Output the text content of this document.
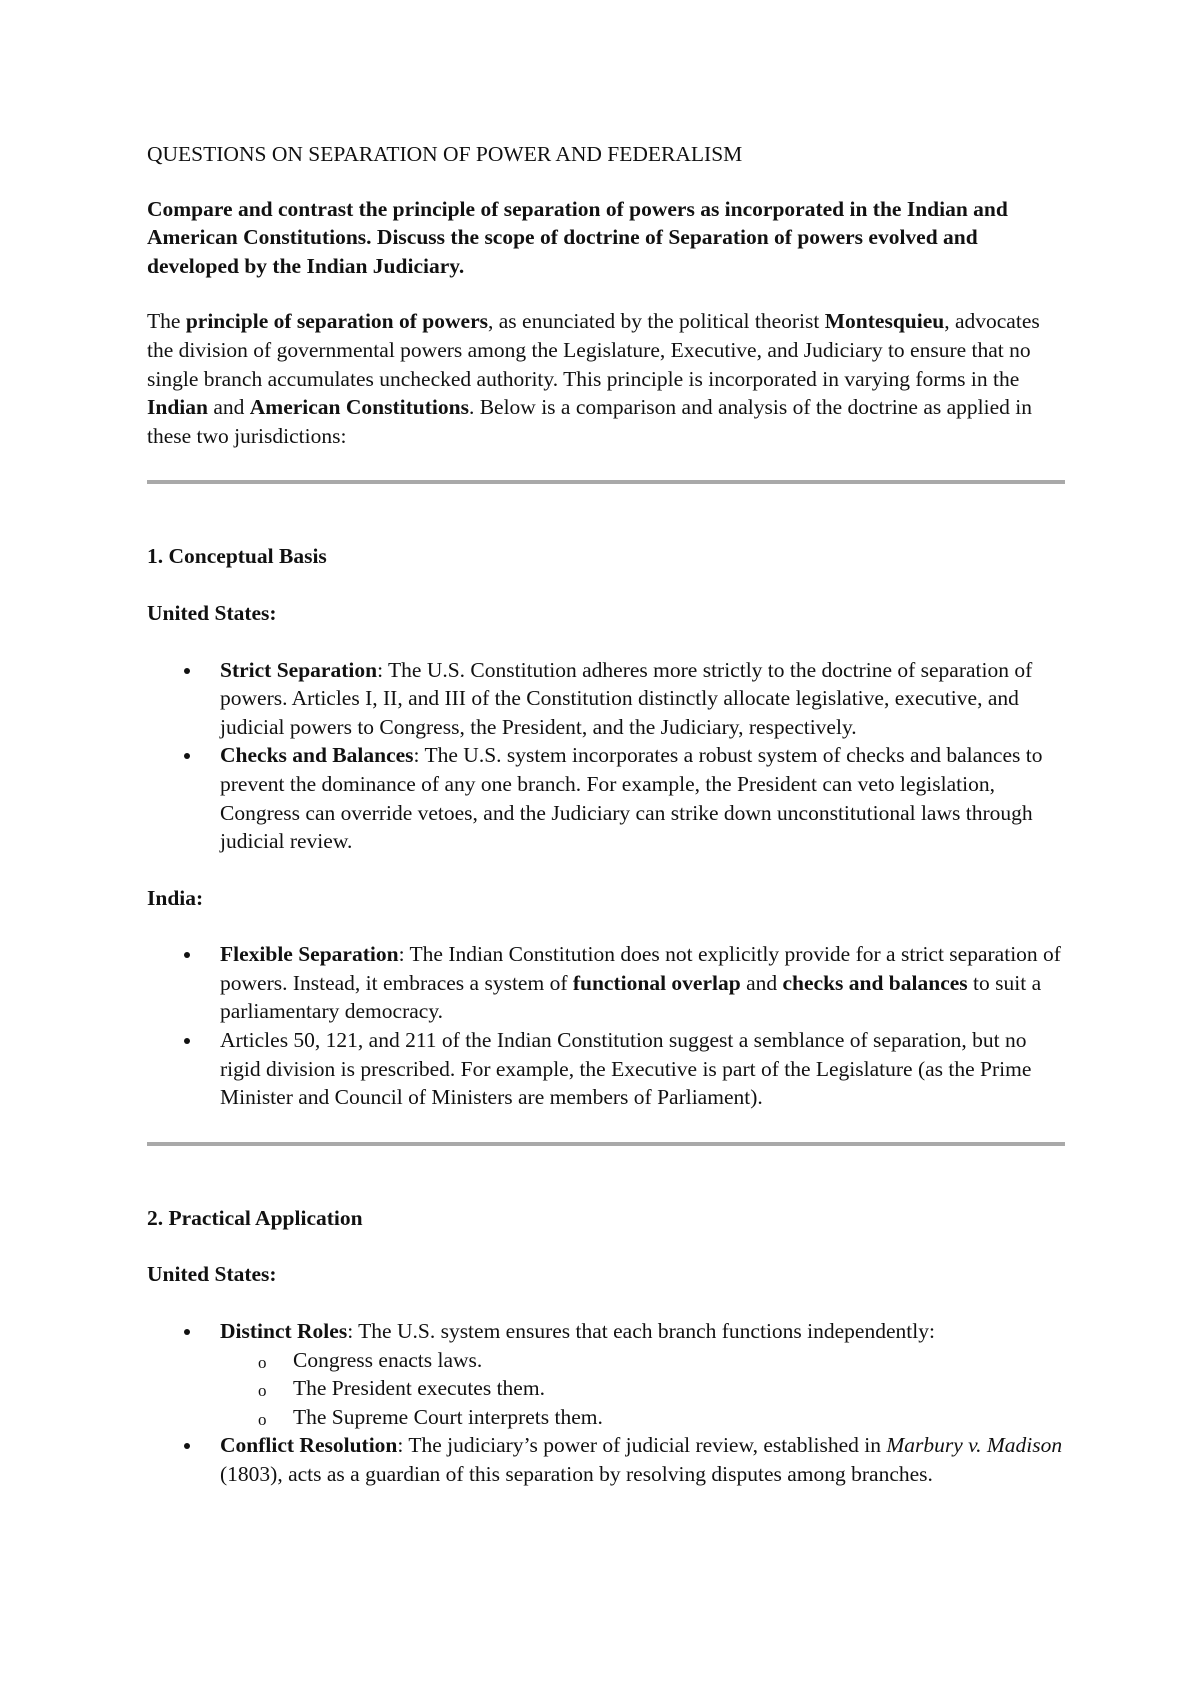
QUESTIONS ON SEPARATION OF POWER AND FEDERALISM

Compare and contrast the principle of separation of powers as incorporated in the Indian and American Constitutions. Discuss the scope of doctrine of Separation of powers evolved and developed by the Indian Judiciary.

The principle of separation of powers, as enunciated by the political theorist Montesquieu, advocates the division of governmental powers among the Legislature, Executive, and Judiciary to ensure that no single branch accumulates unchecked authority. This principle is incorporated in varying forms in the Indian and American Constitutions. Below is a comparison and analysis of the doctrine as applied in these two jurisdictions:

1. Conceptual Basis

United States:

Strict Separation: The U.S. Constitution adheres more strictly to the doctrine of separation of powers. Articles I, II, and III of the Constitution distinctly allocate legislative, executive, and judicial powers to Congress, the President, and the Judiciary, respectively.
Checks and Balances: The U.S. system incorporates a robust system of checks and balances to prevent the dominance of any one branch. For example, the President can veto legislation, Congress can override vetoes, and the Judiciary can strike down unconstitutional laws through judicial review.

India:

Flexible Separation: The Indian Constitution does not explicitly provide for a strict separation of powers. Instead, it embraces a system of functional overlap and checks and balances to suit a parliamentary democracy.
Articles 50, 121, and 211 of the Indian Constitution suggest a semblance of separation, but no rigid division is prescribed. For example, the Executive is part of the Legislature (as the Prime Minister and Council of Ministers are members of Parliament).

2. Practical Application

United States:

Distinct Roles: The U.S. system ensures that each branch functions independently:
o Congress enacts laws.
o The President executes them.
o The Supreme Court interprets them.
Conflict Resolution: The judiciary’s power of judicial review, established in Marbury v. Madison (1803), acts as a guardian of this separation by resolving disputes among branches.
